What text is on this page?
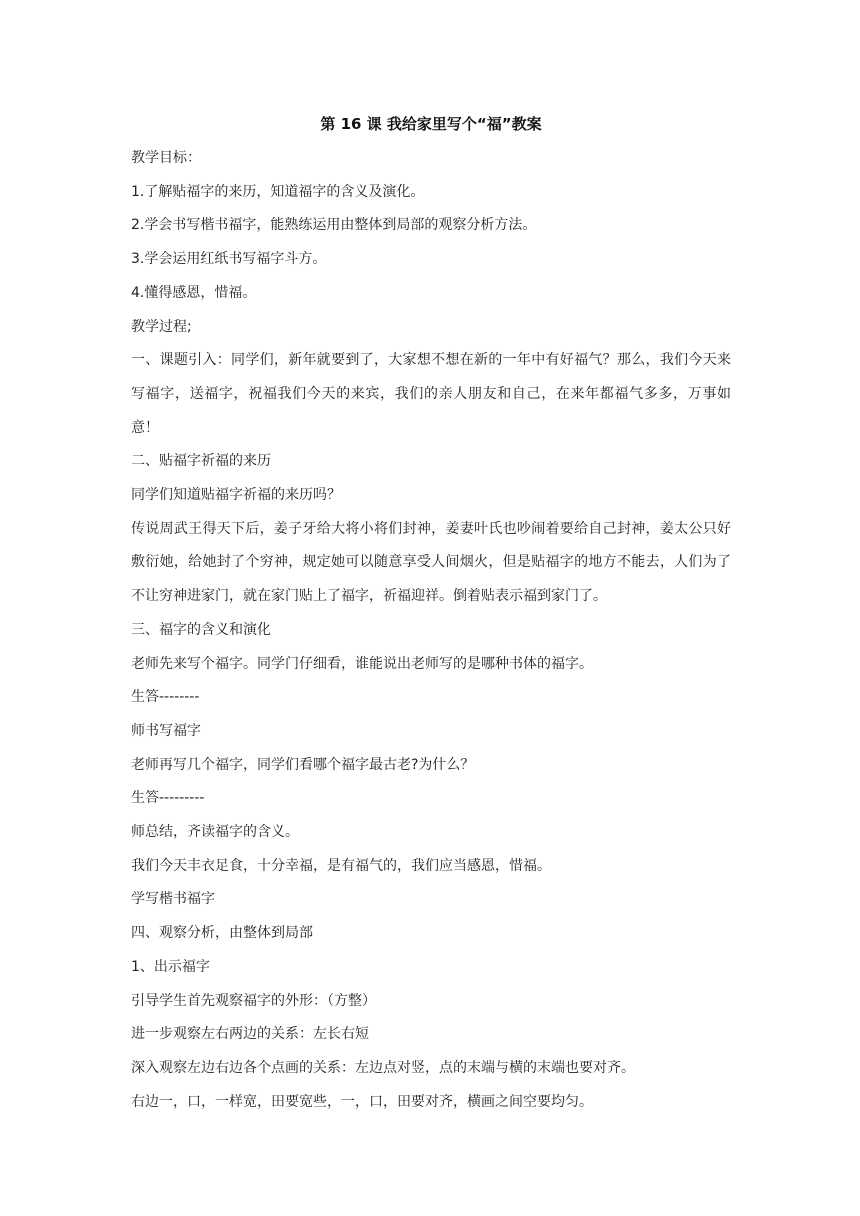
第 16 课 我给家里写个“福”教案

教学目标：

1.了解贴福字的来历，知道福字的含义及演化。

2.学会书写楷书福字，能熟练运用由整体到局部的观察分析方法。

3.学会运用红纸书写福字斗方。

4.懂得感恩，惜福。

教学过程;

一、课题引入：同学们，新年就要到了，大家想不想在新的一年中有好福气？那么，我们今天来写福字，送福字，祝福我们今天的来宾，我们的亲人朋友和自己，在来年都福气多多，万事如意！

二、贴福字祈福的来历

同学们知道贴福字祈福的来历吗？

传说周武王得天下后，姜子牙给大将小将们封神，姜妻叶氏也吵闹着要给自己封神，姜太公只好敷衍她，给她封了个穷神，规定她可以随意享受人间烟火，但是贴福字的地方不能去，人们为了不让穷神进家门，就在家门贴上了福字，祈福迎祥。倒着贴表示福到家门了。

三、福字的含义和演化

老师先来写个福字。同学门仔细看，谁能说出老师写的是哪种书体的福字。

生答--------

师书写福字

老师再写几个福字，同学们看哪个福字最古老?为什么？

生答---------

师总结，齐读福字的含义。

我们今天丰衣足食，十分幸福，是有福气的，我们应当感恩，惜福。

学写楷书福字

四、观察分析，由整体到局部

1、出示福字

引导学生首先观察福字的外形：（方整）

进一步观察左右两边的关系：左长右短

深入观察左边右边各个点画的关系：左边点对竖，点的末端与横的末端也要对齐。

右边一，口，一样宽，田要宽些，一，口，田要对齐，横画之间空要均匀。
